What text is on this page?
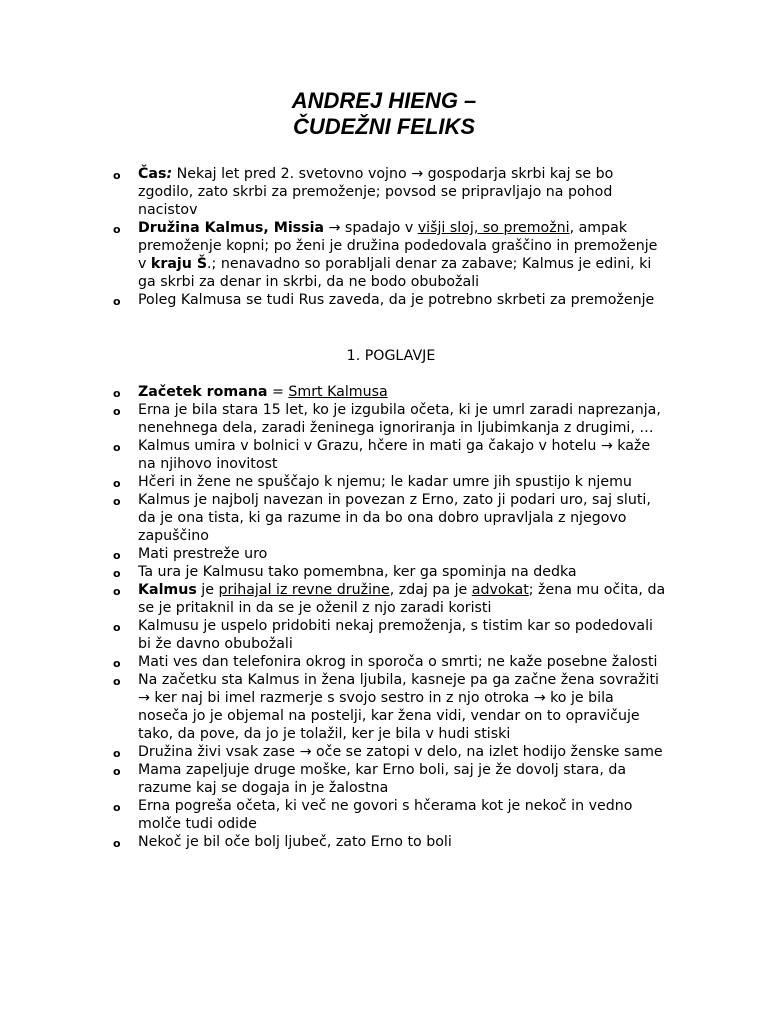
ANDREJ HIENG –
ČUDEŽNI FELIKS
o Čas: Nekaj let pred 2. svetovno vojno → gospodarja skrbi kaj se bo zgodilo, zato skrbi za premoženje; povsod se pripravljajo na pohod nacistov
o Družina Kalmus, Missia → spadajo v višji sloj, so premožni, ampak premoženje kopni; po ženi je družina podedovala graščino in premoženje v kraju Š.; nenavadno so porabljali denar za zabave; Kalmus je edini, ki ga skrbi za denar in skrbi, da ne bodo obubožali
o Poleg Kalmusa se tudi Rus zaveda, da je potrebno skrbeti za premoženje

1. POGLAVJE

o Začetek romana = Smrt Kalmusa
o Erna je bila stara 15 let, ko je izgubila očeta, ki je umrl zaradi naprezanja, nenehnega dela, zaradi ženinega ignoriranja in ljubimkanja z drugimi, …
o Kalmus umira v bolnici v Grazu, hčere in mati ga čakajo v hotelu → kaže na njihovo inovitost
o Hčeri in žene ne spuščajo k njemu; le kadar umre jih spustijo k njemu
o Kalmus je najbolj navezan in povezan z Erno, zato ji podari uro, saj sluti, da je ona tista, ki ga razume in da bo ona dobro upravljala z njegovo zapuščino
o Mati prestreže uro
o Ta ura je Kalmusu tako pomembna, ker ga spominja na dedka
o Kalmus je prihajal iz revne družine, zdaj pa je advokat; žena mu očita, da se je pritaknil in da se je oženil z njo zaradi koristi
o Kalmusu je uspelo pridobiti nekaj premoženja, s tistim kar so podedovali bi že davno obubožali
o Mati ves dan telefonira okrog in sporoča o smrti; ne kaže posebne žalosti
o Na začetku sta Kalmus in žena ljubila, kasneje pa ga začne žena sovražiti → ker naj bi imel razmerje s svojo sestro in z njo otroka → ko je bila noseča jo je objemal na postelji, kar žena vidi, vendar on to opravičuje tako, da pove, da jo je tolažil, ker je bila v hudi stiski
o Družina živi vsak zase → oče se zatopi v delo, na izlet hodijo ženske same
o Mama zapeljuje druge moške, kar Erno boli, saj je že dovolj stara, da razume kaj se dogaja in je žalostna
o Erna pogreša očeta, ki več ne govori s hčerama kot je nekoč in vedno molče tudi odide
o Nekoč je bil oče bolj ljubeč, zato Erno to boli
